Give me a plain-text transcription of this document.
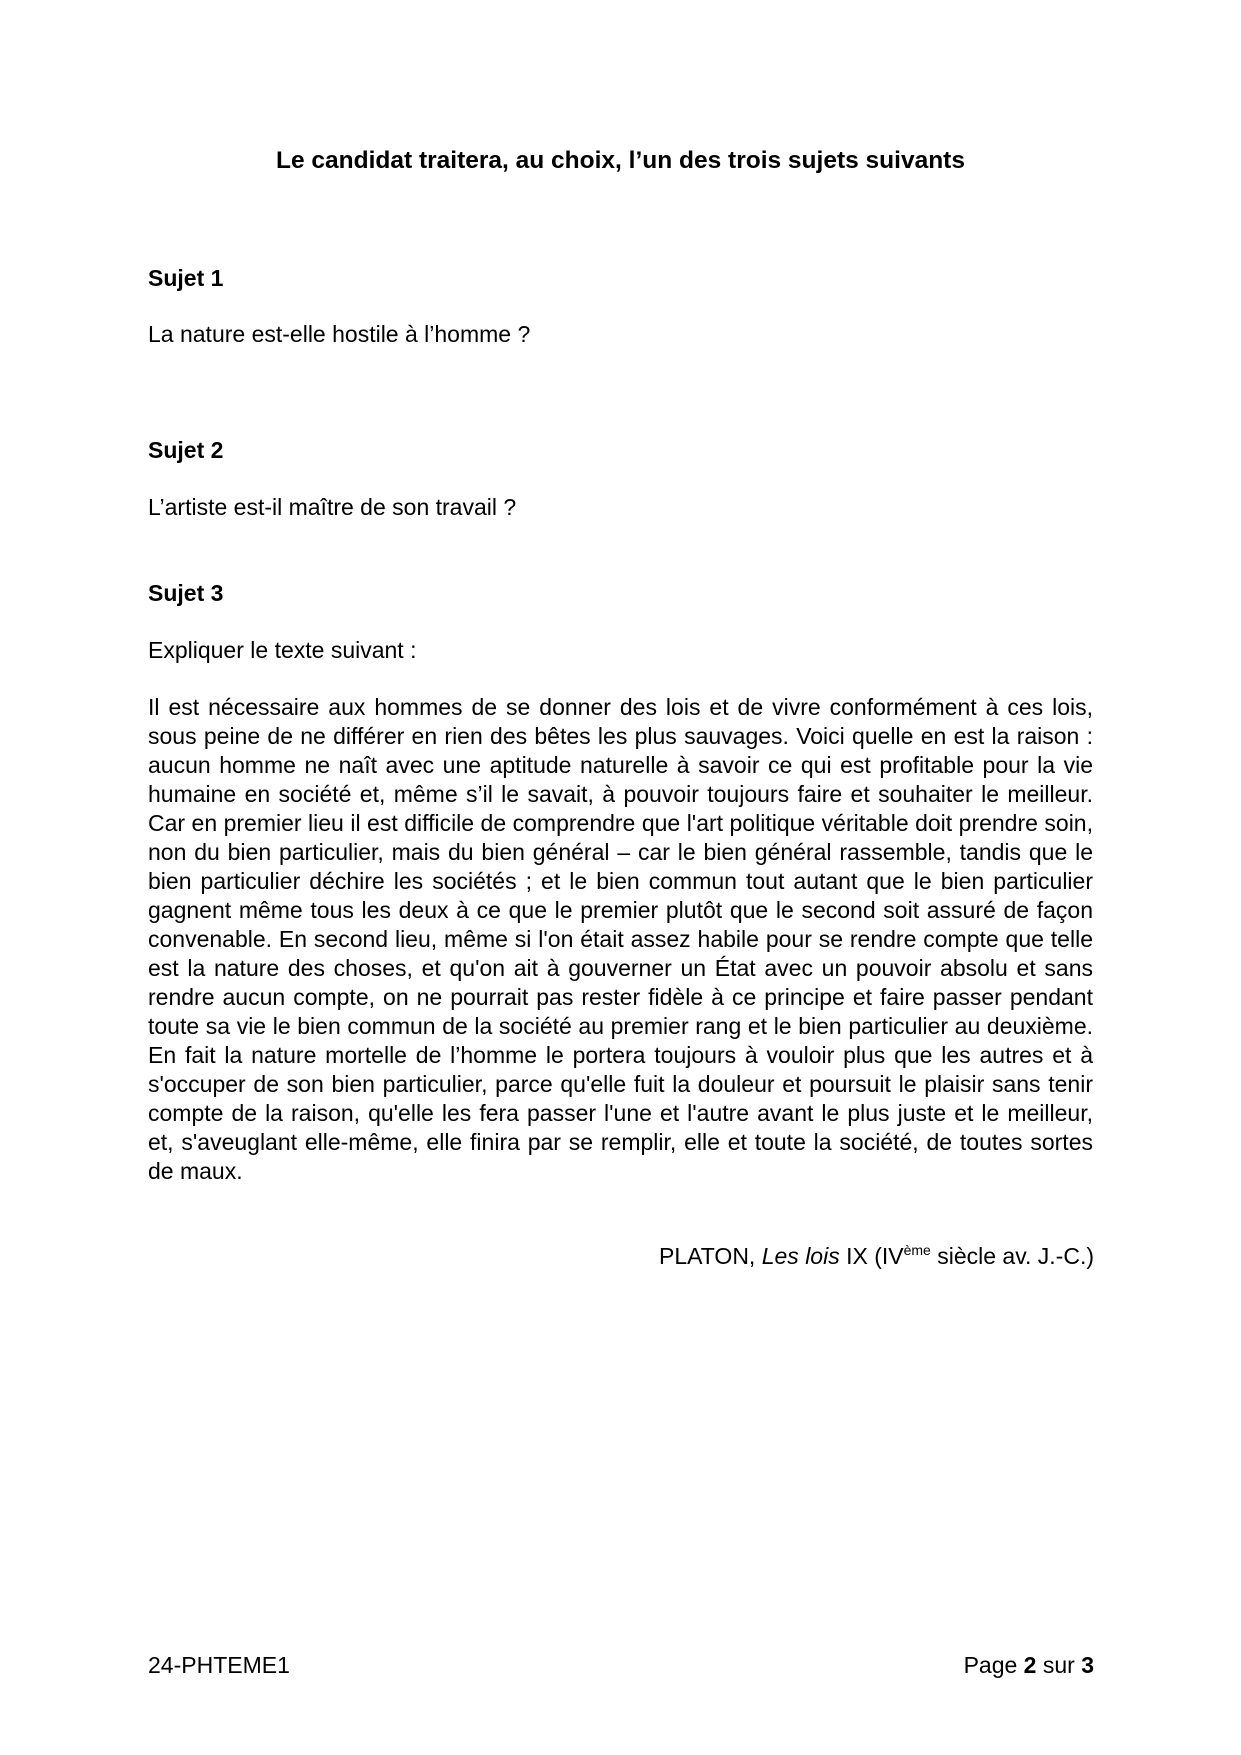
Le candidat traitera, au choix, l’un des trois sujets suivants
Sujet 1
La nature est-elle hostile à l’homme ?
Sujet 2
L’artiste est-il maître de son travail ?
Sujet 3
Expliquer le texte suivant :
Il est nécessaire aux hommes de se donner des lois et de vivre conformément à ces lois, sous peine de ne différer en rien des bêtes les plus sauvages. Voici quelle en est la raison : aucun homme ne naît avec une aptitude naturelle à savoir ce qui est profitable pour la vie humaine en société et, même s’il le savait, à pouvoir toujours faire et souhaiter le meilleur. Car en premier lieu il est difficile de comprendre que l'art politique véritable doit prendre soin, non du bien particulier, mais du bien général – car le bien général rassemble, tandis que le bien particulier déchire les sociétés ; et le bien commun tout autant que le bien particulier gagnent même tous les deux à ce que le premier plutôt que le second soit assuré de façon convenable. En second lieu, même si l'on était assez habile pour se rendre compte que telle est la nature des choses, et qu'on ait à gouverner un État avec un pouvoir absolu et sans rendre aucun compte, on ne pourrait pas rester fidèle à ce principe et faire passer pendant toute sa vie le bien commun de la société au premier rang et le bien particulier au deuxième. En fait la nature mortelle de l’homme le portera toujours à vouloir plus que les autres et à s'occuper de son bien particulier, parce qu'elle fuit la douleur et poursuit le plaisir sans tenir compte de la raison, qu'elle les fera passer l'une et l'autre avant le plus juste et le meilleur, et, s'aveuglant elle-même, elle finira par se remplir, elle et toute la société, de toutes sortes de maux.
PLATON, Les lois IX (IVème siècle av. J.-C.)
24-PHTEME1	Page 2 sur 3
